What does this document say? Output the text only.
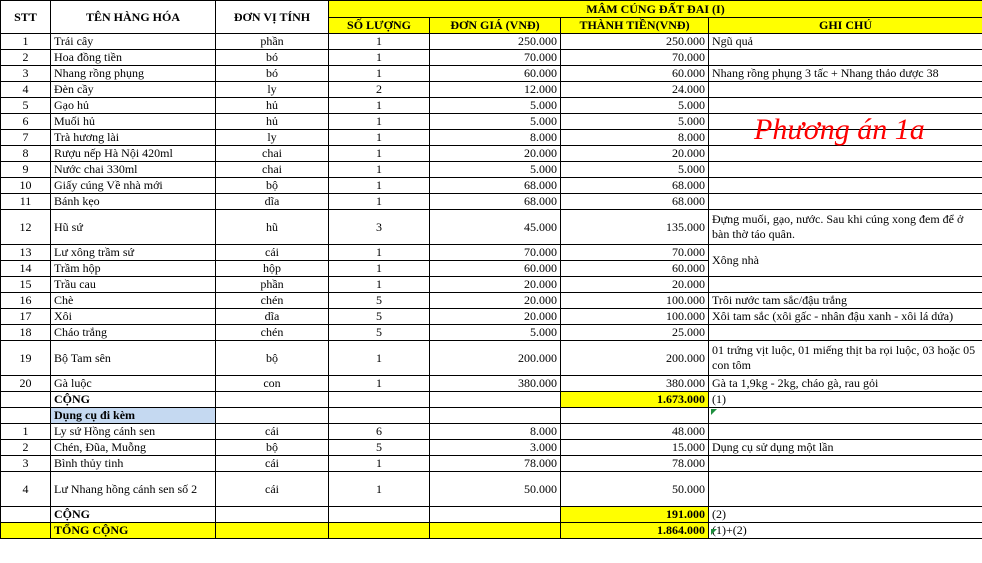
STT	TÊN HÀNG HÓA	ĐƠN VỊ TÍNH	MÂM CÚNG ĐẤT ĐAI (I)			
			SỐ LƯỢNG	ĐƠN GIÁ (VNĐ)	THÀNH TIỀN(VNĐ)	GHI CHÚ
1	Trái cây	phần	1	250.000	250.000	Ngũ quả
2	Hoa đồng tiền	bó	1	70.000	70.000	
3	Nhang rồng phụng	bó	1	60.000	60.000	Nhang rồng phụng 3 tấc + Nhang thảo dược 38
4	Đèn cầy	ly	2	12.000	24.000	
5	Gạo hủ	hủ	1	5.000	5.000	
6	Muối hủ	hủ	1	5.000	5.000	
7	Trà hương lài	ly	1	8.000	8.000	
8	Rượu nếp Hà Nội 420ml	chai	1	20.000	20.000	
9	Nước chai 330ml	chai	1	5.000	5.000	
10	Giấy cúng Về nhà mới	bộ	1	68.000	68.000	
11	Bánh kẹo	dĩa	1	68.000	68.000	
12	Hũ sứ	hũ	3	45.000	135.000	Đựng muối, gạo, nước. Sau khi cúng xong đem để ở bàn thờ táo quân.
13	Lư xông trầm sứ	cái	1	70.000	70.000	Xông nhà
14	Trầm hộp	hộp	1	60.000	60.000	
15	Trầu cau	phần	1	20.000	20.000	
16	Chè	chén	5	20.000	100.000	Trôi nước tam sắc/đậu trắng
17	Xôi	dĩa	5	20.000	100.000	Xôi tam sắc (xôi gấc - nhân đậu xanh - xôi lá dứa)
18	Cháo trắng	chén	5	5.000	25.000	
19	Bộ Tam sên	bộ	1	200.000	200.000	01 trứng vịt luộc, 01 miếng thịt ba rọi luộc, 03 hoặc 05 con tôm
20	Gà luộc	con	1	380.000	380.000	Gà ta 1,9kg - 2kg, cháo gà, rau gỏi
	CỘNG				1.673.000	(1)
	Dụng cụ đi kèm					
1	Ly sứ Hồng cánh sen	cái	6	8.000	48.000	
2	Chén, Đũa, Muỗng	bộ	5	3.000	15.000	Dụng cụ sử dụng một lần
3	Bình thủy tinh	cái	1	78.000	78.000	
4	Lư Nhang hồng cánh sen số 2	cái	1	50.000	50.000	
	CỘNG				191.000	(2)
	TỔNG CỘNG				1.864.000	(1)+(2)
Phương án 1a
